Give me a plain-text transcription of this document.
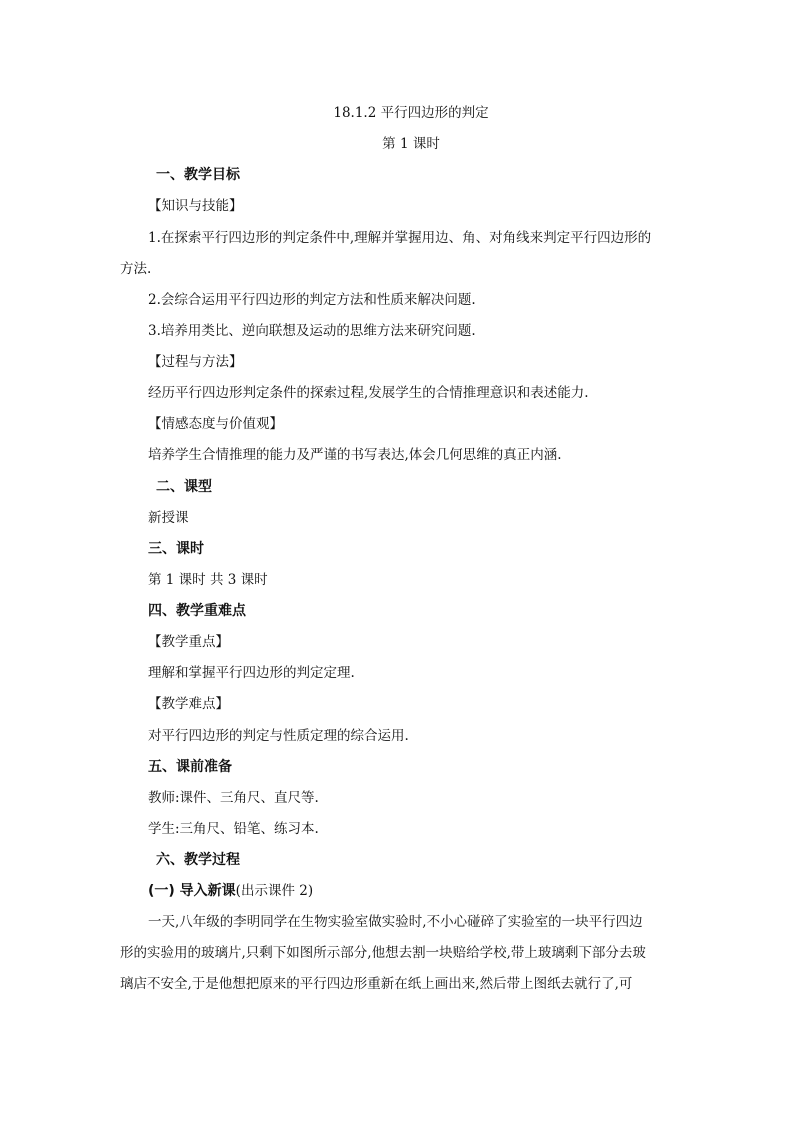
18.1.2 平行四边形的判定
第 1 课时
一、教学目标
【知识与技能】
1.在探索平行四边形的判定条件中,理解并掌握用边、角、对角线来判定平行四边形的
方法.
2.会综合运用平行四边形的判定方法和性质来解决问题.
3.培养用类比、逆向联想及运动的思维方法来研究问题.
【过程与方法】
经历平行四边形判定条件的探索过程,发展学生的合情推理意识和表述能力.
【情感态度与价值观】
培养学生合情推理的能力及严谨的书写表达,体会几何思维的真正内涵.
二、课型
新授课
三、课时
第 1 课时 共 3 课时
四、教学重难点
【教学重点】
理解和掌握平行四边形的判定定理.
【教学难点】
对平行四边形的判定与性质定理的综合运用.
五、课前准备
教师:课件、三角尺、直尺等.
学生:三角尺、铅笔、练习本.
六、教学过程
(一) 导入新课(出示课件 2)
一天,八年级的李明同学在生物实验室做实验时,不小心碰碎了实验室的一块平行四边
形的实验用的玻璃片,只剩下如图所示部分,他想去割一块赔给学校,带上玻璃剩下部分去玻
璃店不安全,于是他想把原来的平行四边形重新在纸上画出来,然后带上图纸去就行了,可
